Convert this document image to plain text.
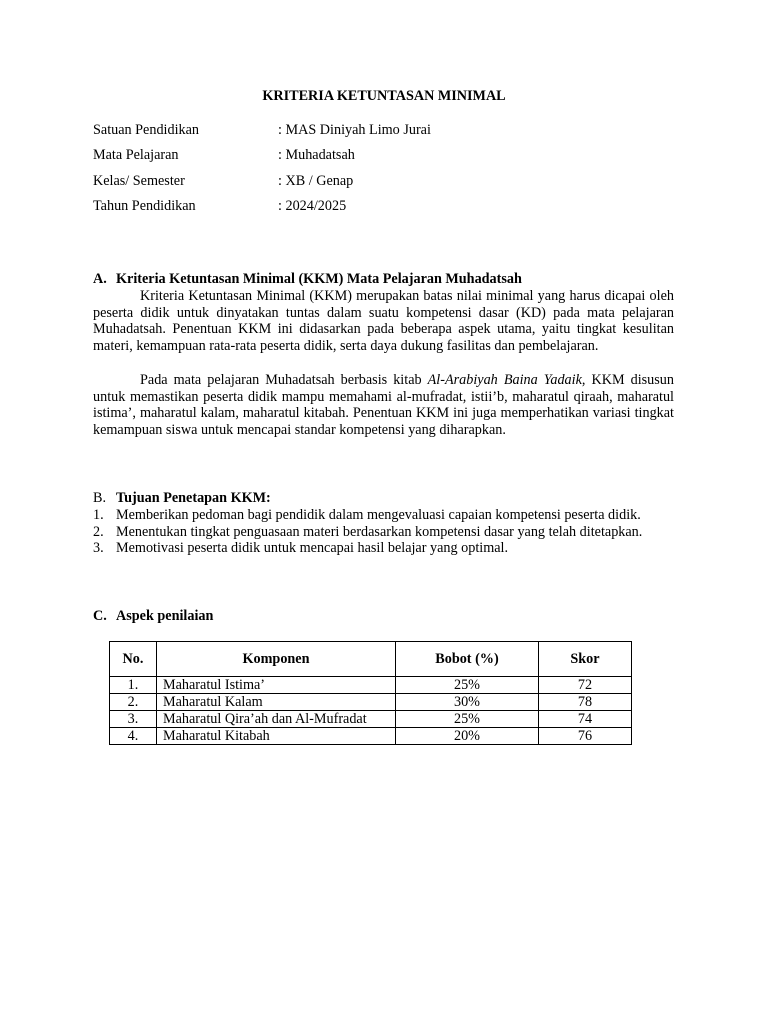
KRITERIA KETUNTASAN MINIMAL
Satuan Pendidikan	: MAS Diniyah Limo Jurai
Mata Pelajaran	: Muhadatsah
Kelas/ Semester	: XB / Genap
Tahun Pendidikan	: 2024/2025
A. Kriteria Ketuntasan Minimal (KKM) Mata Pelajaran Muhadatsah
Kriteria Ketuntasan Minimal (KKM) merupakan batas nilai minimal yang harus dicapai oleh peserta didik untuk dinyatakan tuntas dalam suatu kompetensi dasar (KD) pada mata pelajaran Muhadatsah. Penentuan KKM ini didasarkan pada beberapa aspek utama, yaitu tingkat kesulitan materi, kemampuan rata-rata peserta didik, serta daya dukung fasilitas dan pembelajaran.
Pada mata pelajaran Muhadatsah berbasis kitab Al-Arabiyah Baina Yadaik, KKM disusun untuk memastikan peserta didik mampu memahami al-mufradat, istii’b, maharatul qiraah, maharatul istima’, maharatul kalam, maharatul kitabah. Penentuan KKM ini juga memperhatikan variasi tingkat kemampuan siswa untuk mencapai standar kompetensi yang diharapkan.
B. Tujuan Penetapan KKM:
1. Memberikan pedoman bagi pendidik dalam mengevaluasi capaian kompetensi peserta didik.
2. Menentukan tingkat penguasaan materi berdasarkan kompetensi dasar yang telah ditetapkan.
3. Memotivasi peserta didik untuk mencapai hasil belajar yang optimal.
C. Aspek penilaian
No.	Komponen	Bobot (%)	Skor
1.	Maharatul Istima’	25%	72
2.	Maharatul Kalam	30%	78
3.	Maharatul Qira’ah dan Al-Mufradat	25%	74
4.	Maharatul Kitabah	20%	76
